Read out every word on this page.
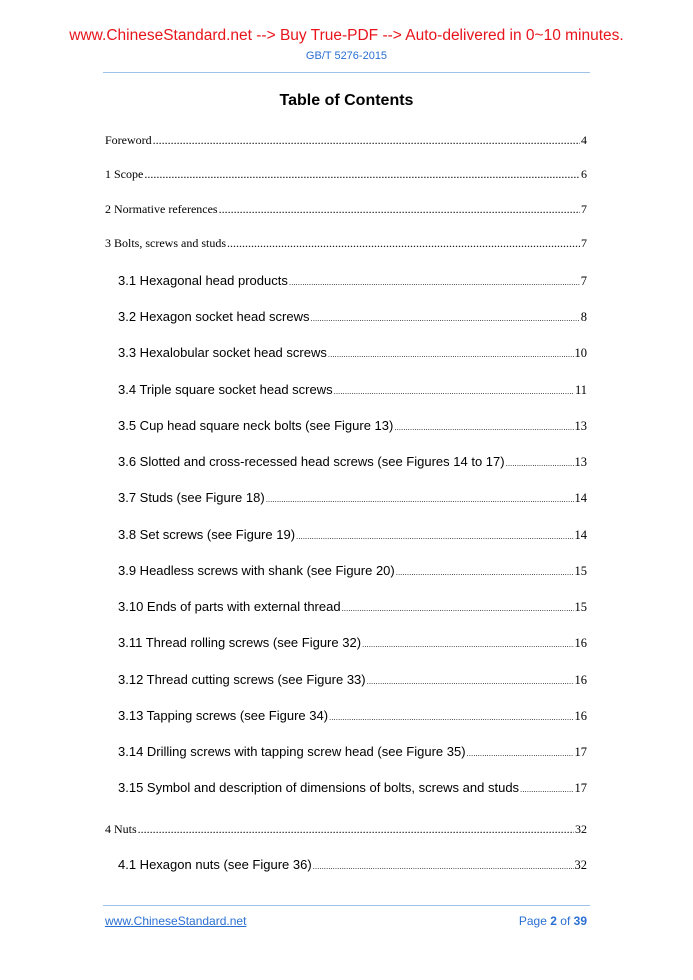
www.ChineseStandard.net --> Buy True-PDF --> Auto-delivered in 0~10 minutes.
GB/T 5276-2015
Table of Contents
Foreword .....	4
1 Scope .....	6
2 Normative references .....	7
3 Bolts, screws and studs .....	7
3.1 Hexagonal head products .....	7
3.2 Hexagon socket head screws .....	8
3.3 Hexalobular socket head screws .....	10
3.4 Triple square socket head screws .....	11
3.5 Cup head square neck bolts (see Figure 13) .....	13
3.6 Slotted and cross-recessed head screws (see Figures 14 to 17) .....	13
3.7 Studs (see Figure 18) .....	14
3.8 Set screws (see Figure 19) .....	14
3.9 Headless screws with shank (see Figure 20) .....	15
3.10 Ends of parts with external thread .....	15
3.11 Thread rolling screws (see Figure 32) .....	16
3.12 Thread cutting screws (see Figure 33) .....	16
3.13 Tapping screws (see Figure 34) .....	16
3.14 Drilling screws with tapping screw head (see Figure 35) .....	17
3.15 Symbol and description of dimensions of bolts, screws and studs .....	17
4 Nuts .....	32
4.1 Hexagon nuts (see Figure 36) .....	32
www.ChineseStandard.net	Page 2 of 39
